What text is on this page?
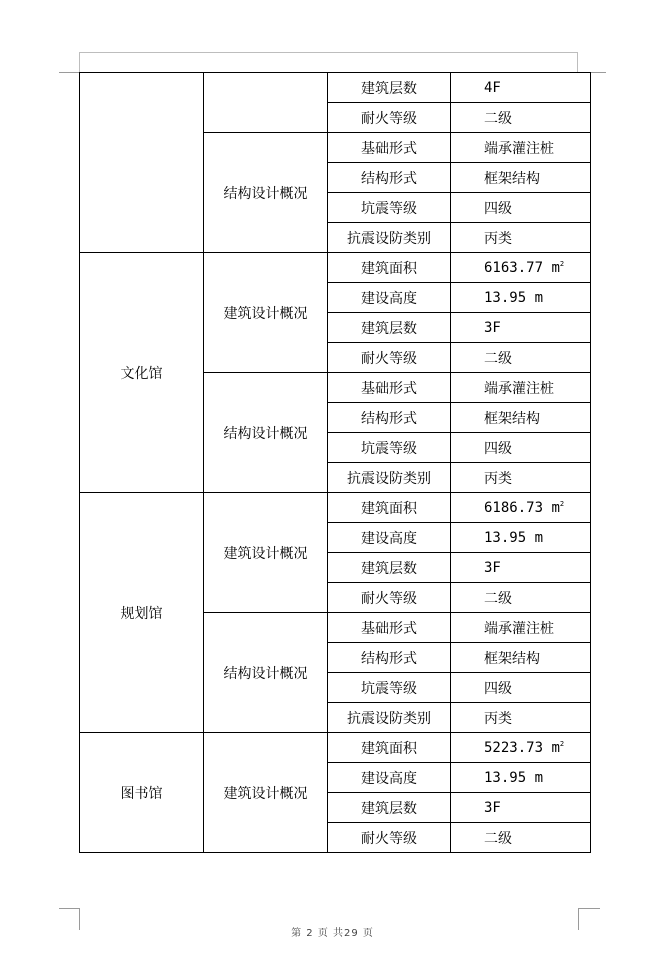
		建筑层数	4F
		耐火等级	二级
	结构设计概况	基础形式	端承灌注桩
		结构形式	框架结构
		坑震等级	四级
		抗震设防类别	丙类
文化馆	建筑设计概况	建筑面积	6163.77 $m^2$
		建设高度	13.95 m
		建筑层数	3F
		耐火等级	二级
	结构设计概况	基础形式	端承灌注桩
		结构形式	框架结构
		坑震等级	四级
		抗震设防类别	丙类
规划馆	建筑设计概况	建筑面积	6186.73 $m^2$
		建设高度	13.95 m
		建筑层数	3F
		耐火等级	二级
	结构设计概况	基础形式	端承灌注桩
		结构形式	框架结构
		坑震等级	四级
		抗震设防类别	丙类
图书馆	建筑设计概况	建筑面积	5223.73 $m^2$
		建设高度	13.95 m
		建筑层数	3F
		耐火等级	二级
第 2 页 共29 页
